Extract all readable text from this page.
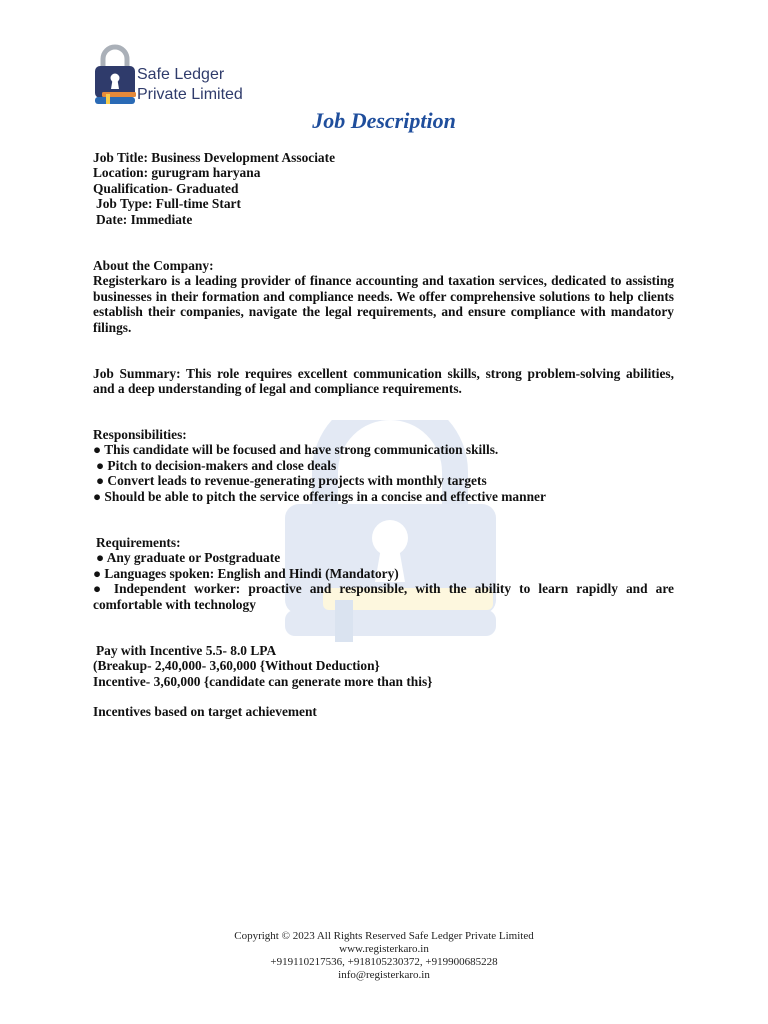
Safe Ledger
Private Limited
Job Description

Job Title: Business Development Associate

Location: gurugram haryana

Qualification- Graduated

Job Type: Full-time Start

Date: Immediate

About the Company:

Registerkaro is a leading provider of finance accounting and taxation services, dedicated to assisting businesses in their formation and compliance needs. We offer comprehensive solutions to help clients establish their companies, navigate the legal requirements, and ensure compliance with mandatory filings.

Job Summary: This role requires excellent communication skills, strong problem-solving abilities, and a deep understanding of legal and compliance requirements.

Responsibilities:

● This candidate will be focused and have strong communication skills.

● Pitch to decision-makers and close deals

● Convert leads to revenue-generating projects with monthly targets

● Should be able to pitch the service offerings in a concise and effective manner

Requirements:

● Any graduate or Postgraduate

● Languages spoken: English and Hindi (Mandatory)

● Independent worker: proactive and responsible, with the ability to learn rapidly and are comfortable with technology

Pay with Incentive 5.5- 8.0 LPA

(Breakup- 2,40,000- 3,60,000 {Without Deduction}

Incentive- 3,60,000 {candidate can generate more than this}

Incentives based on target achievement

Copyright © 2023 All Rights Reserved Safe Ledger Private Limited

www.registerkaro.in

+919110217536, +918105230372, +919900685228

info@registerkaro.in
